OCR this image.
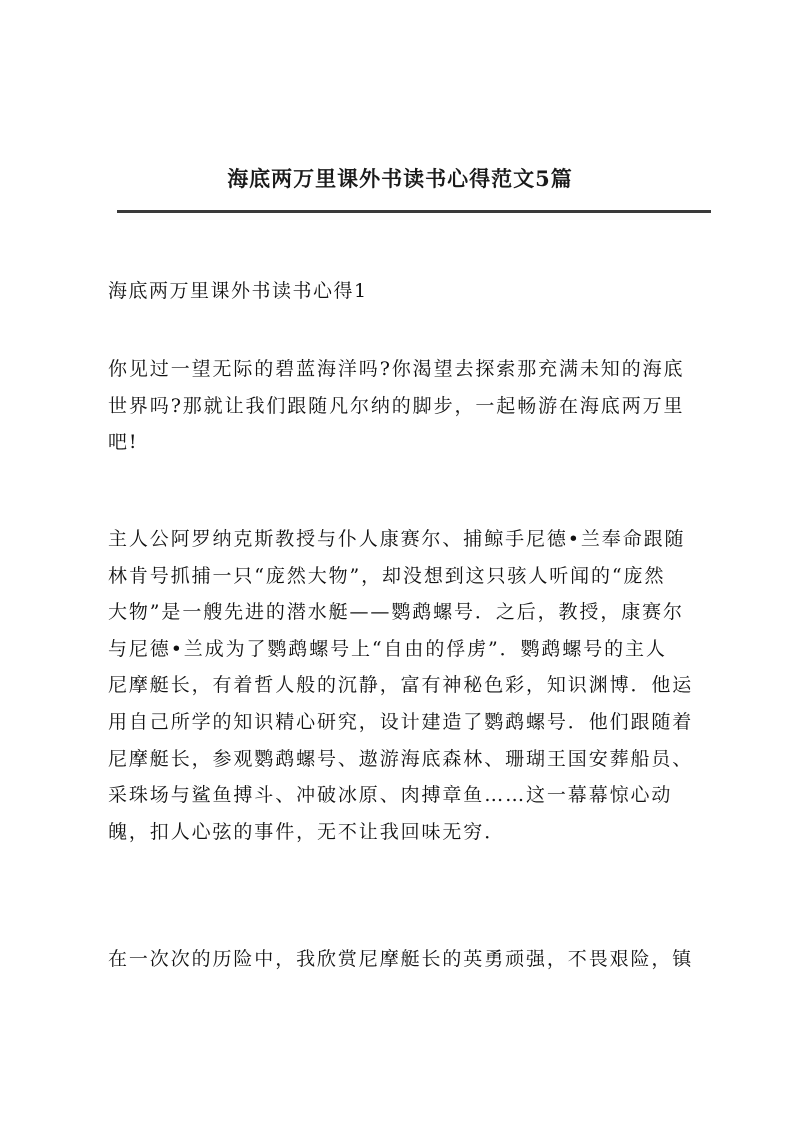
海底两万里课外书读书心得范文5篇
海底两万里课外书读书心得1

你见过一望无际的碧蓝海洋吗?你渴望去探索那充满未知的海底
世界吗?那就让我们跟随凡尔纳的脚步，一起畅游在海底两万里
吧!

主人公阿罗纳克斯教授与仆人康赛尔、捕鲸手尼德•兰奉命跟随
林肯号抓捕一只“庞然大物”，却没想到这只骇人听闻的“庞然
大物”是一艘先进的潜水艇——鹦鹉螺号．之后，教授，康赛尔
与尼德•兰成为了鹦鹉螺号上“自由的俘虏”．鹦鹉螺号的主人
尼摩艇长，有着哲人般的沉静，富有神秘色彩，知识渊博．他运
用自己所学的知识精心研究，设计建造了鹦鹉螺号．他们跟随着
尼摩艇长，参观鹦鹉螺号、遨游海底森林、珊瑚王国安葬船员、
采珠场与鲨鱼搏斗、冲破冰原、肉搏章鱼……这一幕幕惊心动
魄，扣人心弦的事件，无不让我回味无穷．

在一次次的历险中，我欣赏尼摩艇长的英勇顽强，不畏艰险，镇
